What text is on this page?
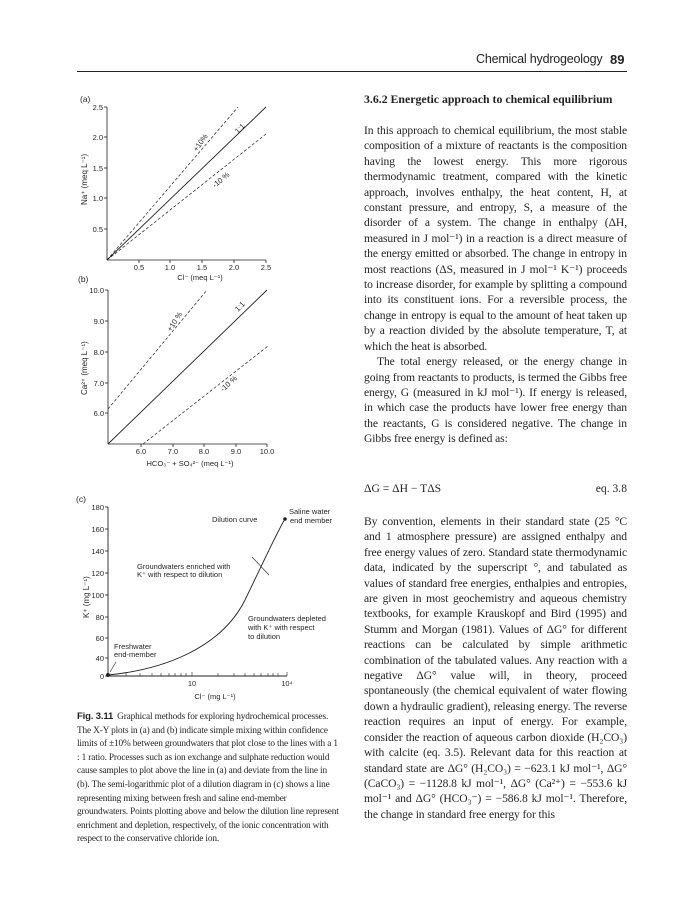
Chemical hydrogeology 89
(a)
2.5
2.0
1.5
1.0
0.5
0.5	1.0	1.5	2.0	2.5
Cl⁻ (meq L⁻¹)
Na⁺ (meq L⁻¹)
+10%
1:1
-10 %
(b)
10.0
9.0
8.0
7.0
6.0
6.0	7.0	8.0	9.0 10.0
HCO₃⁻ + SO₄²⁻ (meq L⁻¹)
Ca²⁺ (meq L⁻¹)
+10 %
1:1
-10 %
(c)
180
160
140
120
100
80
60
40
0
10	10⁴
Cl⁻ (mg L⁻¹)
K⁺ (mg L⁻¹)
Saline water
end member
Dilution curve
Groundwaters enriched with
K⁺ with respect to dilution
Groundwaters depleted
with K⁺ with respect
to dilution
Freshwater
end-member
Fig. 3.11 Graphical methods for exploring hydrochemical processes. The X-Y plots in (a) and (b) indicate simple mixing within confidence limits of ±10% between groundwaters that plot close to the lines with a 1 : 1 ratio. Processes such as ion exchange and sulphate reduction would cause samples to plot above the line in (a) and deviate from the line in (b). The semi-logarithmic plot of a dilution diagram in (c) shows a line representing mixing between fresh and saline end-member groundwaters. Points plotting above and below the dilution line represent enrichment and depletion, respectively, of the ionic concentration with respect to the conservative chloride ion.
3.6.2 Energetic approach to chemical equilibrium

In this approach to chemical equilibrium, the most stable composition of a mixture of reactants is the composition having the lowest energy. This more rigorous thermodynamic treatment, compared with the kinetic approach, involves enthalpy, the heat content, H, at constant pressure, and entropy, S, a measure of the disorder of a system. The change in enthalpy (ΔH, measured in J mol⁻¹) in a reaction is a direct measure of the energy emitted or absorbed. The change in entropy in most reactions (ΔS, measured in J mol⁻¹ K⁻¹) proceeds to increase disorder, for example by splitting a compound into its constituent ions. For a reversible process, the change in entropy is equal to the amount of heat taken up by a reaction divided by the absolute temperature, T, at which the heat is absorbed.

The total energy released, or the energy change in going from reactants to products, is termed the Gibbs free energy, G (measured in kJ mol⁻¹). If energy is released, in which case the products have lower free energy than the reactants, G is considered negative. The change in Gibbs free energy is defined as:

ΔG = ΔH − TΔS	eq. 3.8

By convention, elements in their standard state (25 °C and 1 atmosphere pressure) are assigned enthalpy and free energy values of zero. Standard state thermodynamic data, indicated by the superscript °, and tabulated as values of standard free energies, enthalpies and entropies, are given in most geochemistry and aqueous chemistry textbooks, for example Krauskopf and Bird (1995) and Stumm and Morgan (1981). Values of ΔG° for different reactions can be calculated by simple arithmetic combination of the tabulated values. Any reaction with a negative ΔG° value will, in theory, proceed spontaneously (the chemical equivalent of water flowing down a hydraulic gradient), releasing energy. The reverse reaction requires an input of energy. For example, consider the reaction of aqueous carbon dioxide (H₂CO₃) with calcite (eq. 3.5). Relevant data for this reaction at standard state are ΔG° (H₂CO₃) = −623.1 kJ mol⁻¹, ΔG° (CaCO₃) = −1128.8 kJ mol⁻¹, ΔG° (Ca²⁺) = −553.6 kJ mol⁻¹ and ΔG° (HCO₃⁻) = −586.8 kJ mol⁻¹. Therefore, the change in standard free energy for this
